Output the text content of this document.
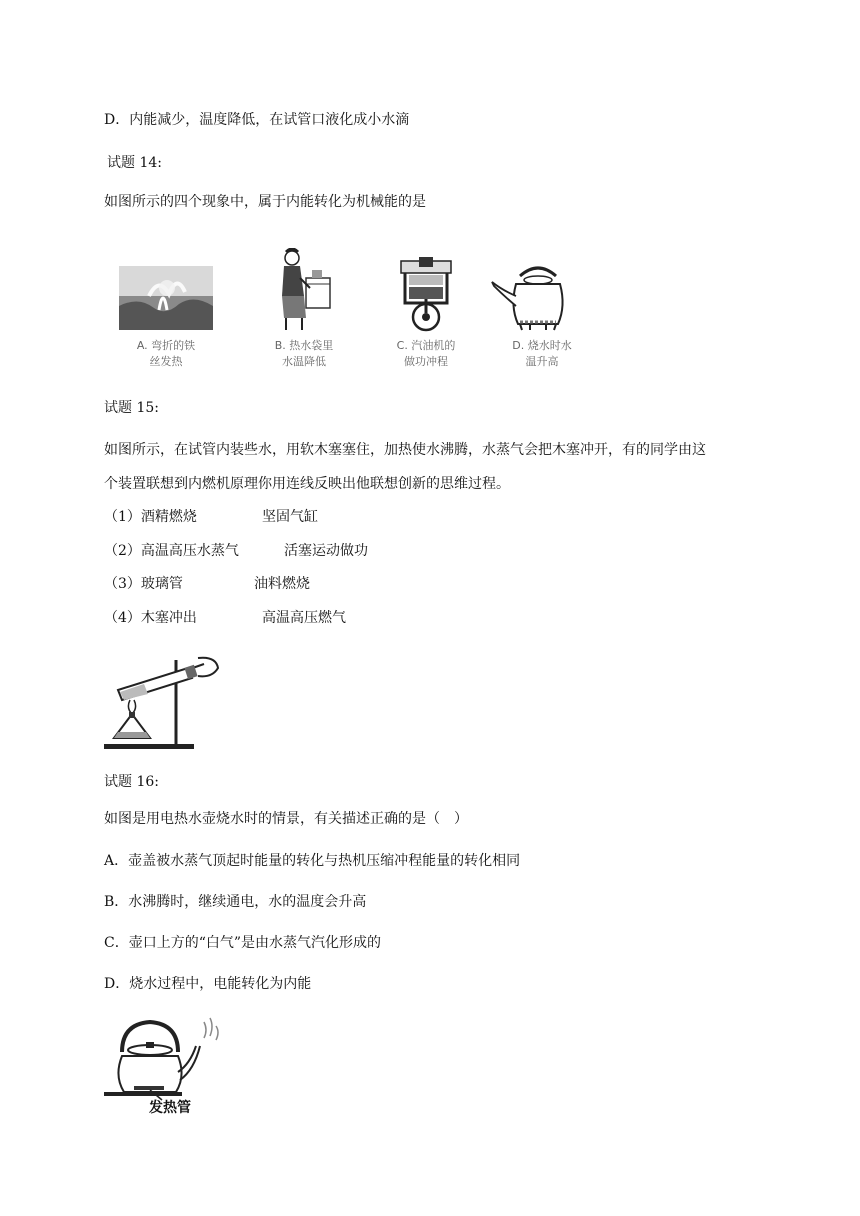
D．内能减少，温度降低，在试管口液化成小水滴
试题 14:
如图所示的四个现象中，属于内能转化为机械能的是
A. 弯折的铁
丝发热
B. 热水袋里
水温降低
C. 汽油机的
做功冲程
D. 烧水时水
温升高
试题 15:
如图所示，在试管内装些水，用软木塞塞住，加热使水沸腾，水蒸气会把木塞冲开，有的同学由这
个装置联想到内燃机原理你用连线反映出他联想创新的思维过程。
（1）酒精燃烧	坚固气缸
（2）高温高压水蒸气	活塞运动做功
（3）玻璃管	油料燃烧
（4）木塞冲出	高温高压燃气
试题 16:
如图是用电热水壶烧水时的情景，有关描述正确的是（　）
A．壶盖被水蒸气顶起时能量的转化与热机压缩冲程能量的转化相同
B．水沸腾时，继续通电，水的温度会升高
C．壶口上方的“白气”是由水蒸气汽化形成的
D．烧水过程中，电能转化为内能
发热管
